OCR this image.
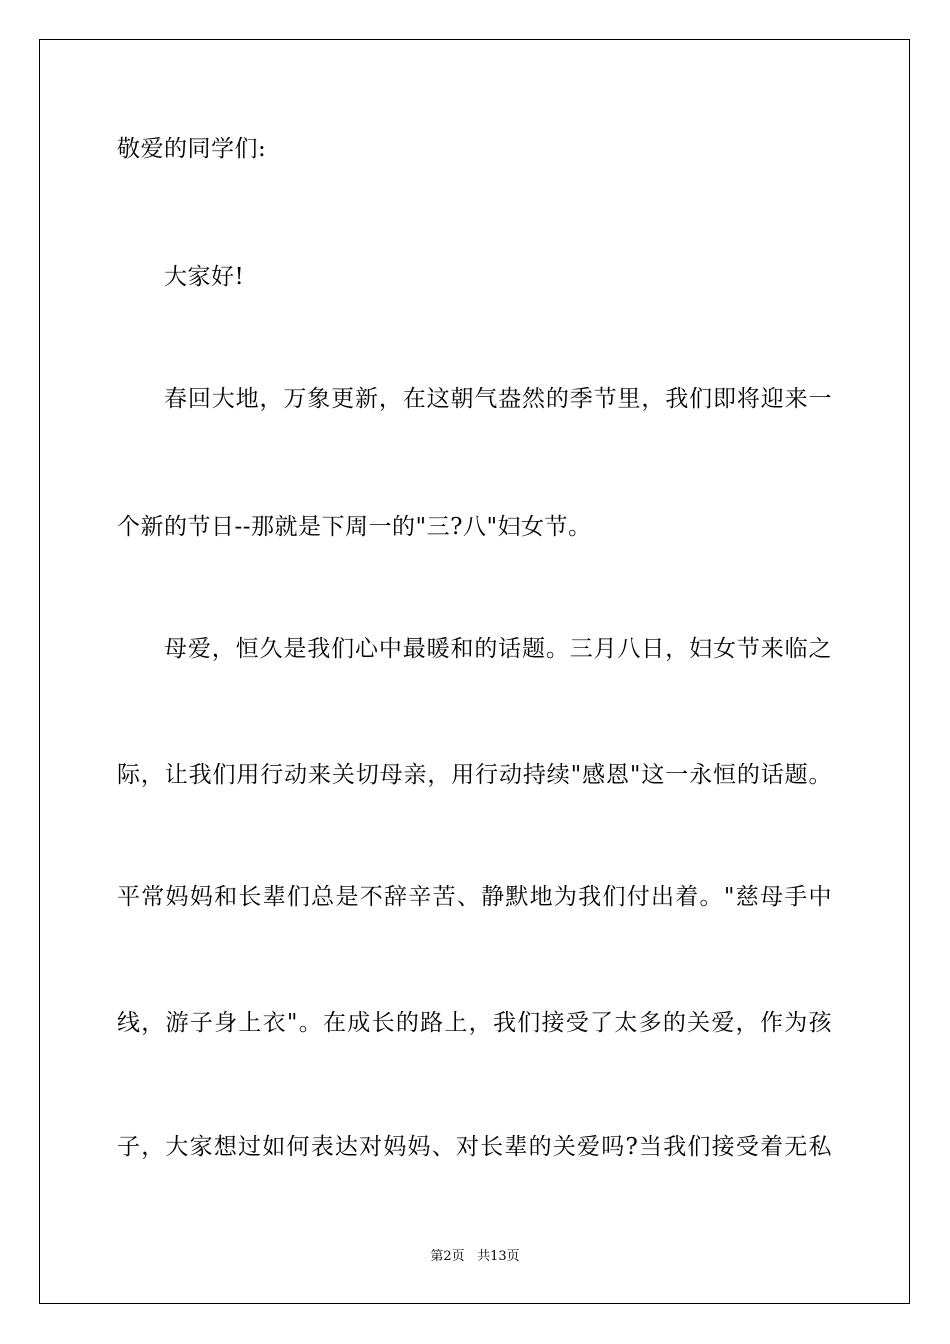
敬爱的同学们:
大家好!
春回大地，万象更新，在这朝气盎然的季节里，我们即将迎来一
个新的节日--那就是下周一的"三?八"妇女节。
母爱，恒久是我们心中最暖和的话题。三月八日，妇女节来临之
际，让我们用行动来关切母亲，用行动持续"感恩"这一永恒的话题。
平常妈妈和长辈们总是不辞辛苦、静默地为我们付出着。"慈母手中
线，游子身上衣"。在成长的路上，我们接受了太多的关爱，作为孩
子，大家想过如何表达对妈妈、对长辈的关爱吗?当我们接受着无私
第2页 共13页
